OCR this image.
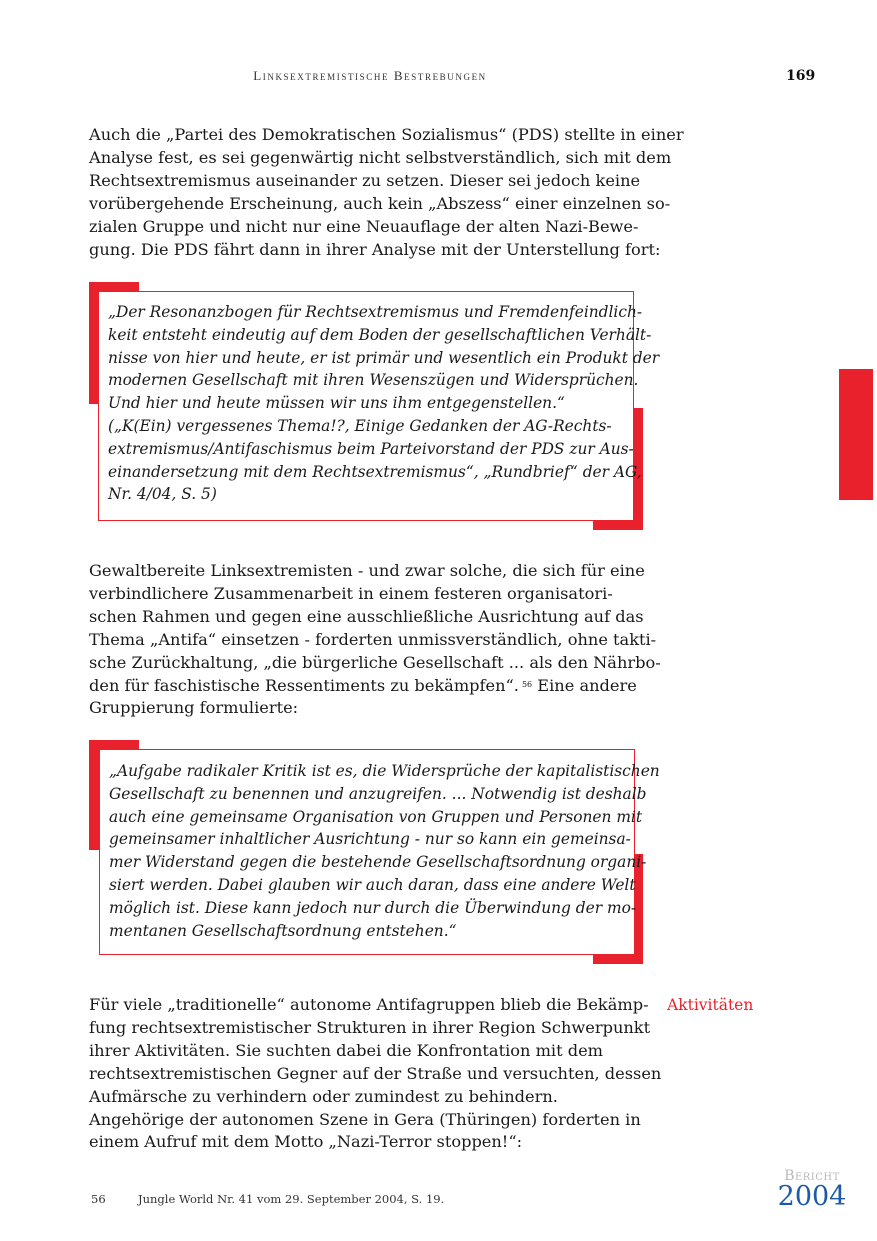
Linksextremistische Bestrebungen	169

Auch die „Partei des Demokratischen Sozialismus“ (PDS) stellte in einer
Analyse fest, es sei gegenwärtig nicht selbstverständlich, sich mit dem
Rechtsextremismus auseinander zu setzen. Dieser sei jedoch keine
vorübergehende Erscheinung, auch kein „Abszess“ einer einzelnen so-
zialen Gruppe und nicht nur eine Neuauflage der alten Nazi-Bewe-
gung. Die PDS fährt dann in ihrer Analyse mit der Unterstellung fort:

„Der Resonanzbogen für Rechtsextremismus und Fremdenfeindlich-
keit entsteht eindeutig auf dem Boden der gesellschaftlichen Verhält-
nisse von hier und heute, er ist primär und wesentlich ein Produkt der
modernen Gesellschaft mit ihren Wesenszügen und Widersprüchen.
Und hier und heute müssen wir uns ihm entgegenstellen.“
(„K(Ein) vergessenes Thema!?, Einige Gedanken der AG-Rechts-
extremismus/Antifaschismus beim Parteivorstand der PDS zur Aus-
einandersetzung mit dem Rechtsextremismus“, „Rundbrief“ der AG,
Nr. 4/04, S. 5)

Gewaltbereite Linksextremisten - und zwar solche, die sich für eine
verbindlichere Zusammenarbeit in einem festeren organisatori-
schen Rahmen und gegen eine ausschließliche Ausrichtung auf das
Thema „Antifa“ einsetzen - forderten unmissverständlich, ohne takti-
sche Zurückhaltung, „die bürgerliche Gesellschaft ... als den Nährbo-
den für faschistische Ressentiments zu bekämpfen“. $^{56}$ Eine andere
Gruppierung formulierte:

„Aufgabe radikaler Kritik ist es, die Widersprüche der kapitalistischen
Gesellschaft zu benennen und anzugreifen. ... Notwendig ist deshalb
auch eine gemeinsame Organisation von Gruppen und Personen mit
gemeinsamer inhaltlicher Ausrichtung - nur so kann ein gemeinsa-
mer Widerstand gegen die bestehende Gesellschaftsordnung organi-
siert werden. Dabei glauben wir auch daran, dass eine andere Welt
möglich ist. Diese kann jedoch nur durch die Überwindung der mo-
mentanen Gesellschaftsordnung entstehen.“

Aktivitäten

Für viele „traditionelle“ autonome Antifagruppen blieb die Bekämp-
fung rechtsextremistischer Strukturen in ihrer Region Schwerpunkt
ihrer Aktivitäten. Sie suchten dabei die Konfrontation mit dem
rechtsextremistischen Gegner auf der Straße und versuchten, dessen
Aufmärsche zu verhindern oder zumindest zu behindern.
Angehörige der autonomen Szene in Gera (Thüringen) forderten in
einem Aufruf mit dem Motto „Nazi-Terror stoppen!“:

56	Jungle World Nr. 41 vom 29. September 2004, S. 19.
Bericht
2004
